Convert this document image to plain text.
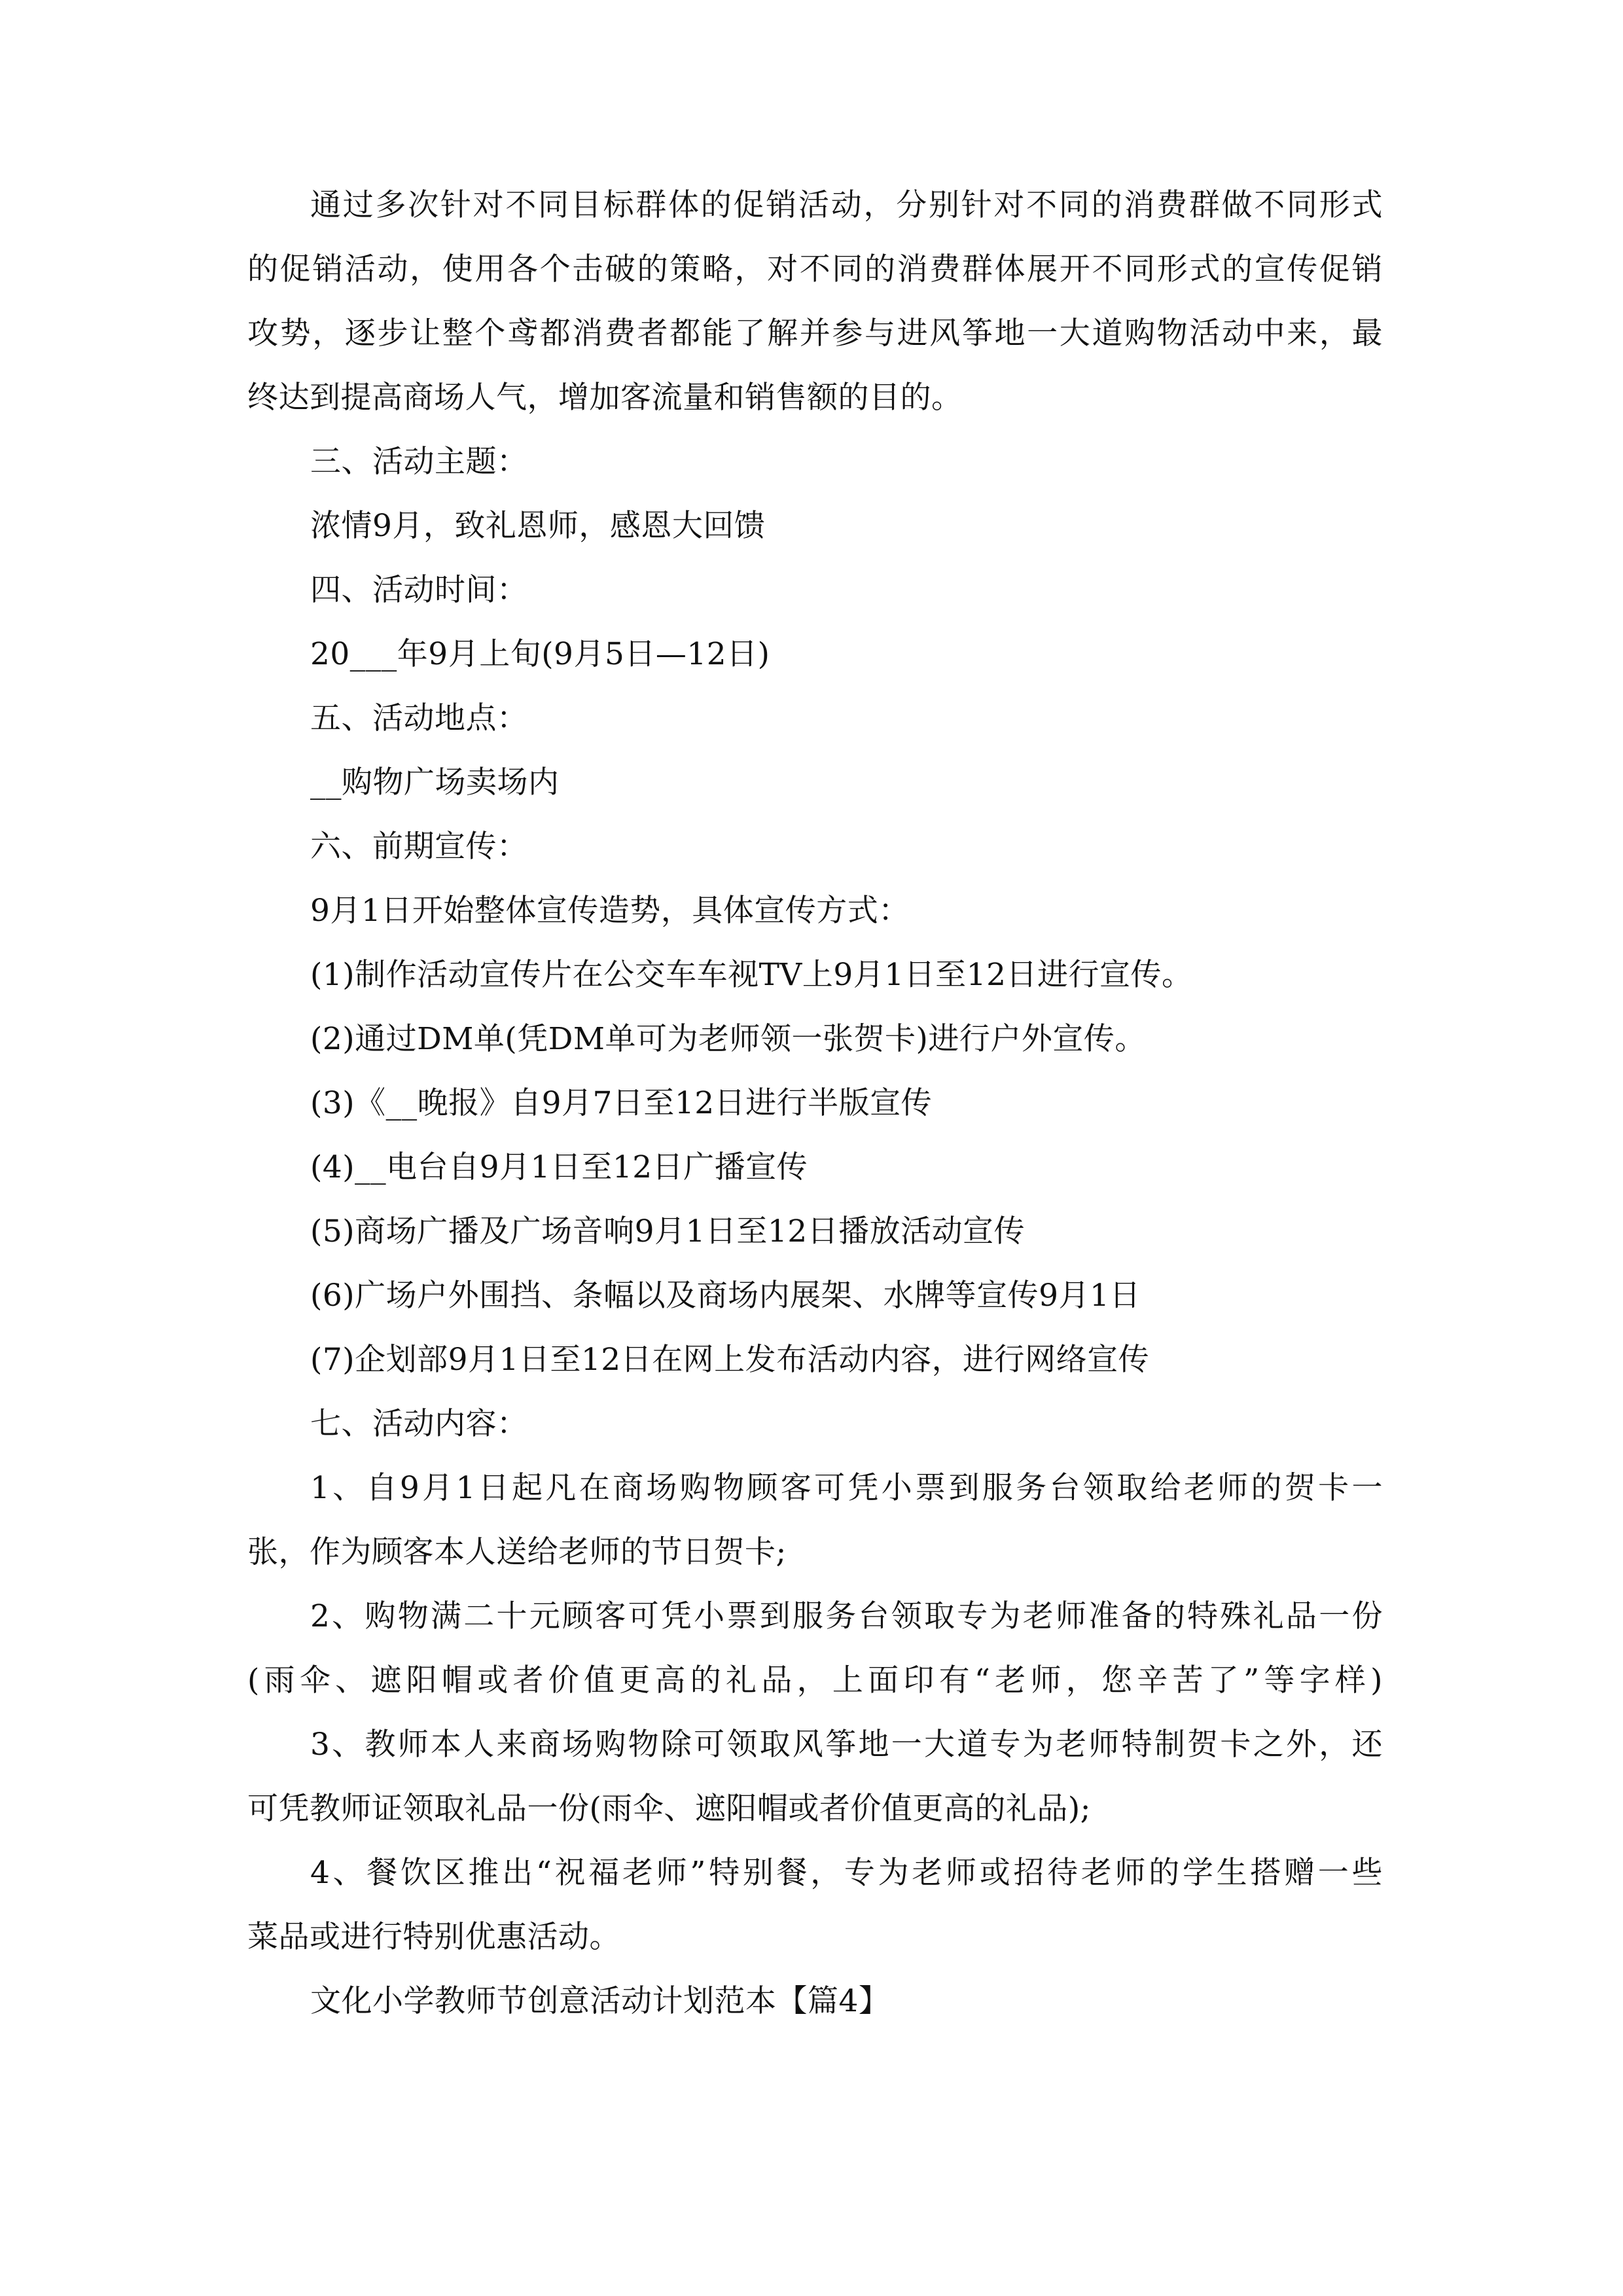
通过多次针对不同目标群体的促销活动，分别针对不同的消费群做不同形式

的促销活动，使用各个击破的策略，对不同的消费群体展开不同形式的宣传促销

攻势，逐步让整个鸢都消费者都能了解并参与进风筝地一大道购物活动中来，最

终达到提高商场人气，增加客流量和销售额的目的。

三、活动主题：

浓情9月，致礼恩师，感恩大回馈

四、活动时间：

20___年9月上旬(9月5日—12日)

五、活动地点：

__购物广场卖场内

六、前期宣传：

9月1日开始整体宣传造势，具体宣传方式：

(1)制作活动宣传片在公交车车视TV上9月1日至12日进行宣传。

(2)通过DM单(凭DM单可为老师领一张贺卡)进行户外宣传。

(3)《__晚报》自9月7日至12日进行半版宣传

(4)__电台自9月1日至12日广播宣传

(5)商场广播及广场音响9月1日至12日播放活动宣传

(6)广场户外围挡、条幅以及商场内展架、水牌等宣传9月1日

(7)企划部9月1日至12日在网上发布活动内容，进行网络宣传

七、活动内容：

1、自9月1日起凡在商场购物顾客可凭小票到服务台领取给老师的贺卡一

张，作为顾客本人送给老师的节日贺卡;

2、购物满二十元顾客可凭小票到服务台领取专为老师准备的特殊礼品一份

(雨伞、遮阳帽或者价值更高的礼品，上面印有“老师，您辛苦了”等字样)

3、教师本人来商场购物除可领取风筝地一大道专为老师特制贺卡之外，还

可凭教师证领取礼品一份(雨伞、遮阳帽或者价值更高的礼品);

4、餐饮区推出“祝福老师”特别餐，专为老师或招待老师的学生搭赠一些

菜品或进行特别优惠活动。

文化小学教师节创意活动计划范本【篇4】
